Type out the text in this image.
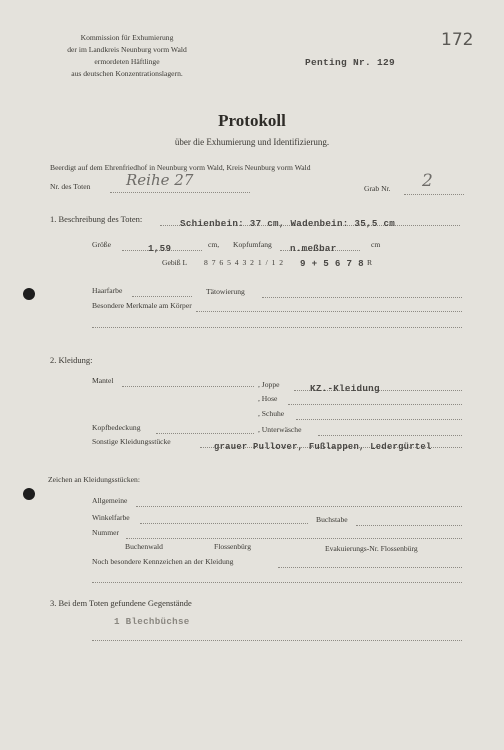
Kommission für Exhumierung
der im Landkreis Neunburg vorm Wald
ermordeten Häftlinge
aus deutschen Konzentrationslagern.
Penting Nr. 129
172
Protokoll
über die Exhumierung und Identifizierung.
Beerdigt auf dem Ehrenfriedhof in Neunburg vorm Wald, Kreis Neunburg vorm Wald
Nr. des Toten Reihe 27	Grab Nr. 2
1. Beschreibung des Toten:	Schienbein: 37 cm, Wadenbein: 35,5 cm
Größe	1,59	cm, Kopfumfang n.meßbar	cm
Gebiß L 8 7 6 5 4 3 2 1 / 1 2 9 + 5 6 7 8 R
Haarfarbe	Tätowierung
Besondere Merkmale am Körper
2. Kleidung:
Mantel	, Joppe	KZ.-Kleidung
, Hose
, Schuhe
Kopfbedeckung	, Unterwäsche
Sonstige Kleidungsstücke
grauer Pullover, Fußlappen, Ledergürtel
Zeichen an Kleidungsstücken:
Allgemeine
Winkelfarbe	Buchstabe
Nummer
Buchenwald	Flossenbürg	Evakuierungs-Nr. Flossenbürg
Noch besondere Kennzeichen an der Kleidung
3. Bei dem Toten gefundene Gegenstände
1 Blechbüchse
